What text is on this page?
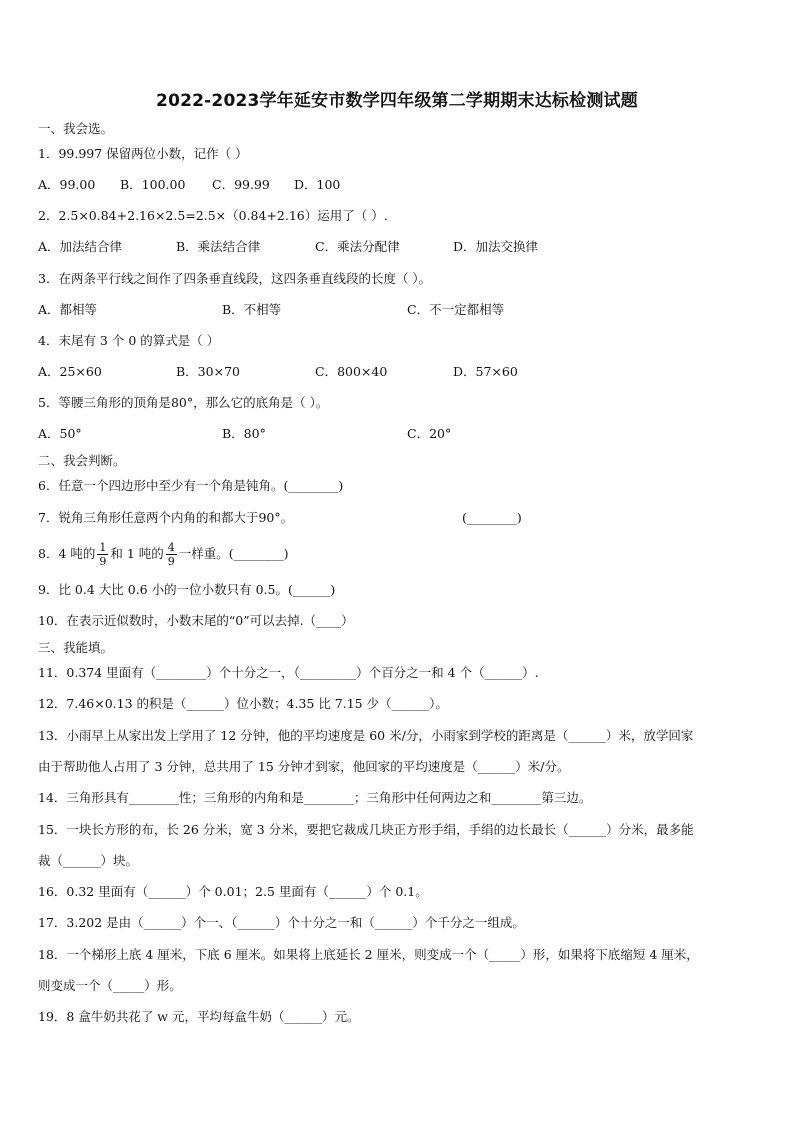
2022-2023学年延安市数学四年级第二学期期末达标检测试题
一、我会选。
1．99.997 保留两位小数，记作（ ）
A．99.00 B．100.00 C．99.99 D．100
2．2.5×0.84+2.16×2.5=2.5×（0.84+2.16）运用了（ ）.
A．加法结合律	B．乘法结合律	C．乘法分配律	D．加法交换律
3．在两条平行线之间作了四条垂直线段，这四条垂直线段的长度（ ）。
A．都相等	B．不相等	C．不一定都相等
4．末尾有 3 个 0 的算式是（ ）
A．25×60	B．30×70	C．800×40	D．57×60
5．等腰三角形的顶角是80°，那么它的底角是（ ）。
A．50°	B．80°	C．20°
二、我会判断。
6．任意一个四边形中至少有一个角是钝角。(________)
7．锐角三角形任意两个内角的和都大于90°。	(________)
8．4 吨的 $\frac{1}{9}$ 和 1 吨的 $\frac{4}{9}$ 一样重。(________)
9．比 0.4 大比 0.6 小的一位小数只有 0.5。(______)
10．在表示近似数时，小数末尾的“0”可以去掉.（____）
三、我能填。
11．0.374 里面有（________）个十分之一，（_________）个百分之一和 4 个（______）.
12．7.46×0.13 的积是（______）位小数；4.35 比 7.15 少（______）。
13．小雨早上从家出发上学用了 12 分钟，他的平均速度是 60 米/分，小雨家到学校的距离是（______）米，放学回家
由于帮助他人占用了 3 分钟，总共用了 15 分钟才到家，他回家的平均速度是（______）米/分。
14．三角形具有________性；三角形的内角和是________；三角形中任何两边之和________第三边。
15．一块长方形的布，长 26 分米，宽 3 分米，要把它裁成几块正方形手绢，手绢的边长最长（______）分米，最多能
裁（______）块。
16．0.32 里面有（______）个 0.01；2.5 里面有（______）个 0.1。
17．3.202 是由（______）个一、（______）个十分之一和（______）个千分之一组成。
18．一个梯形上底 4 厘米，下底 6 厘米。如果将上底延长 2 厘米，则变成一个（_____）形，如果将下底缩短 4 厘米，
则变成一个（_____）形。
19．8 盒牛奶共花了 w 元，平均每盒牛奶（______）元。
